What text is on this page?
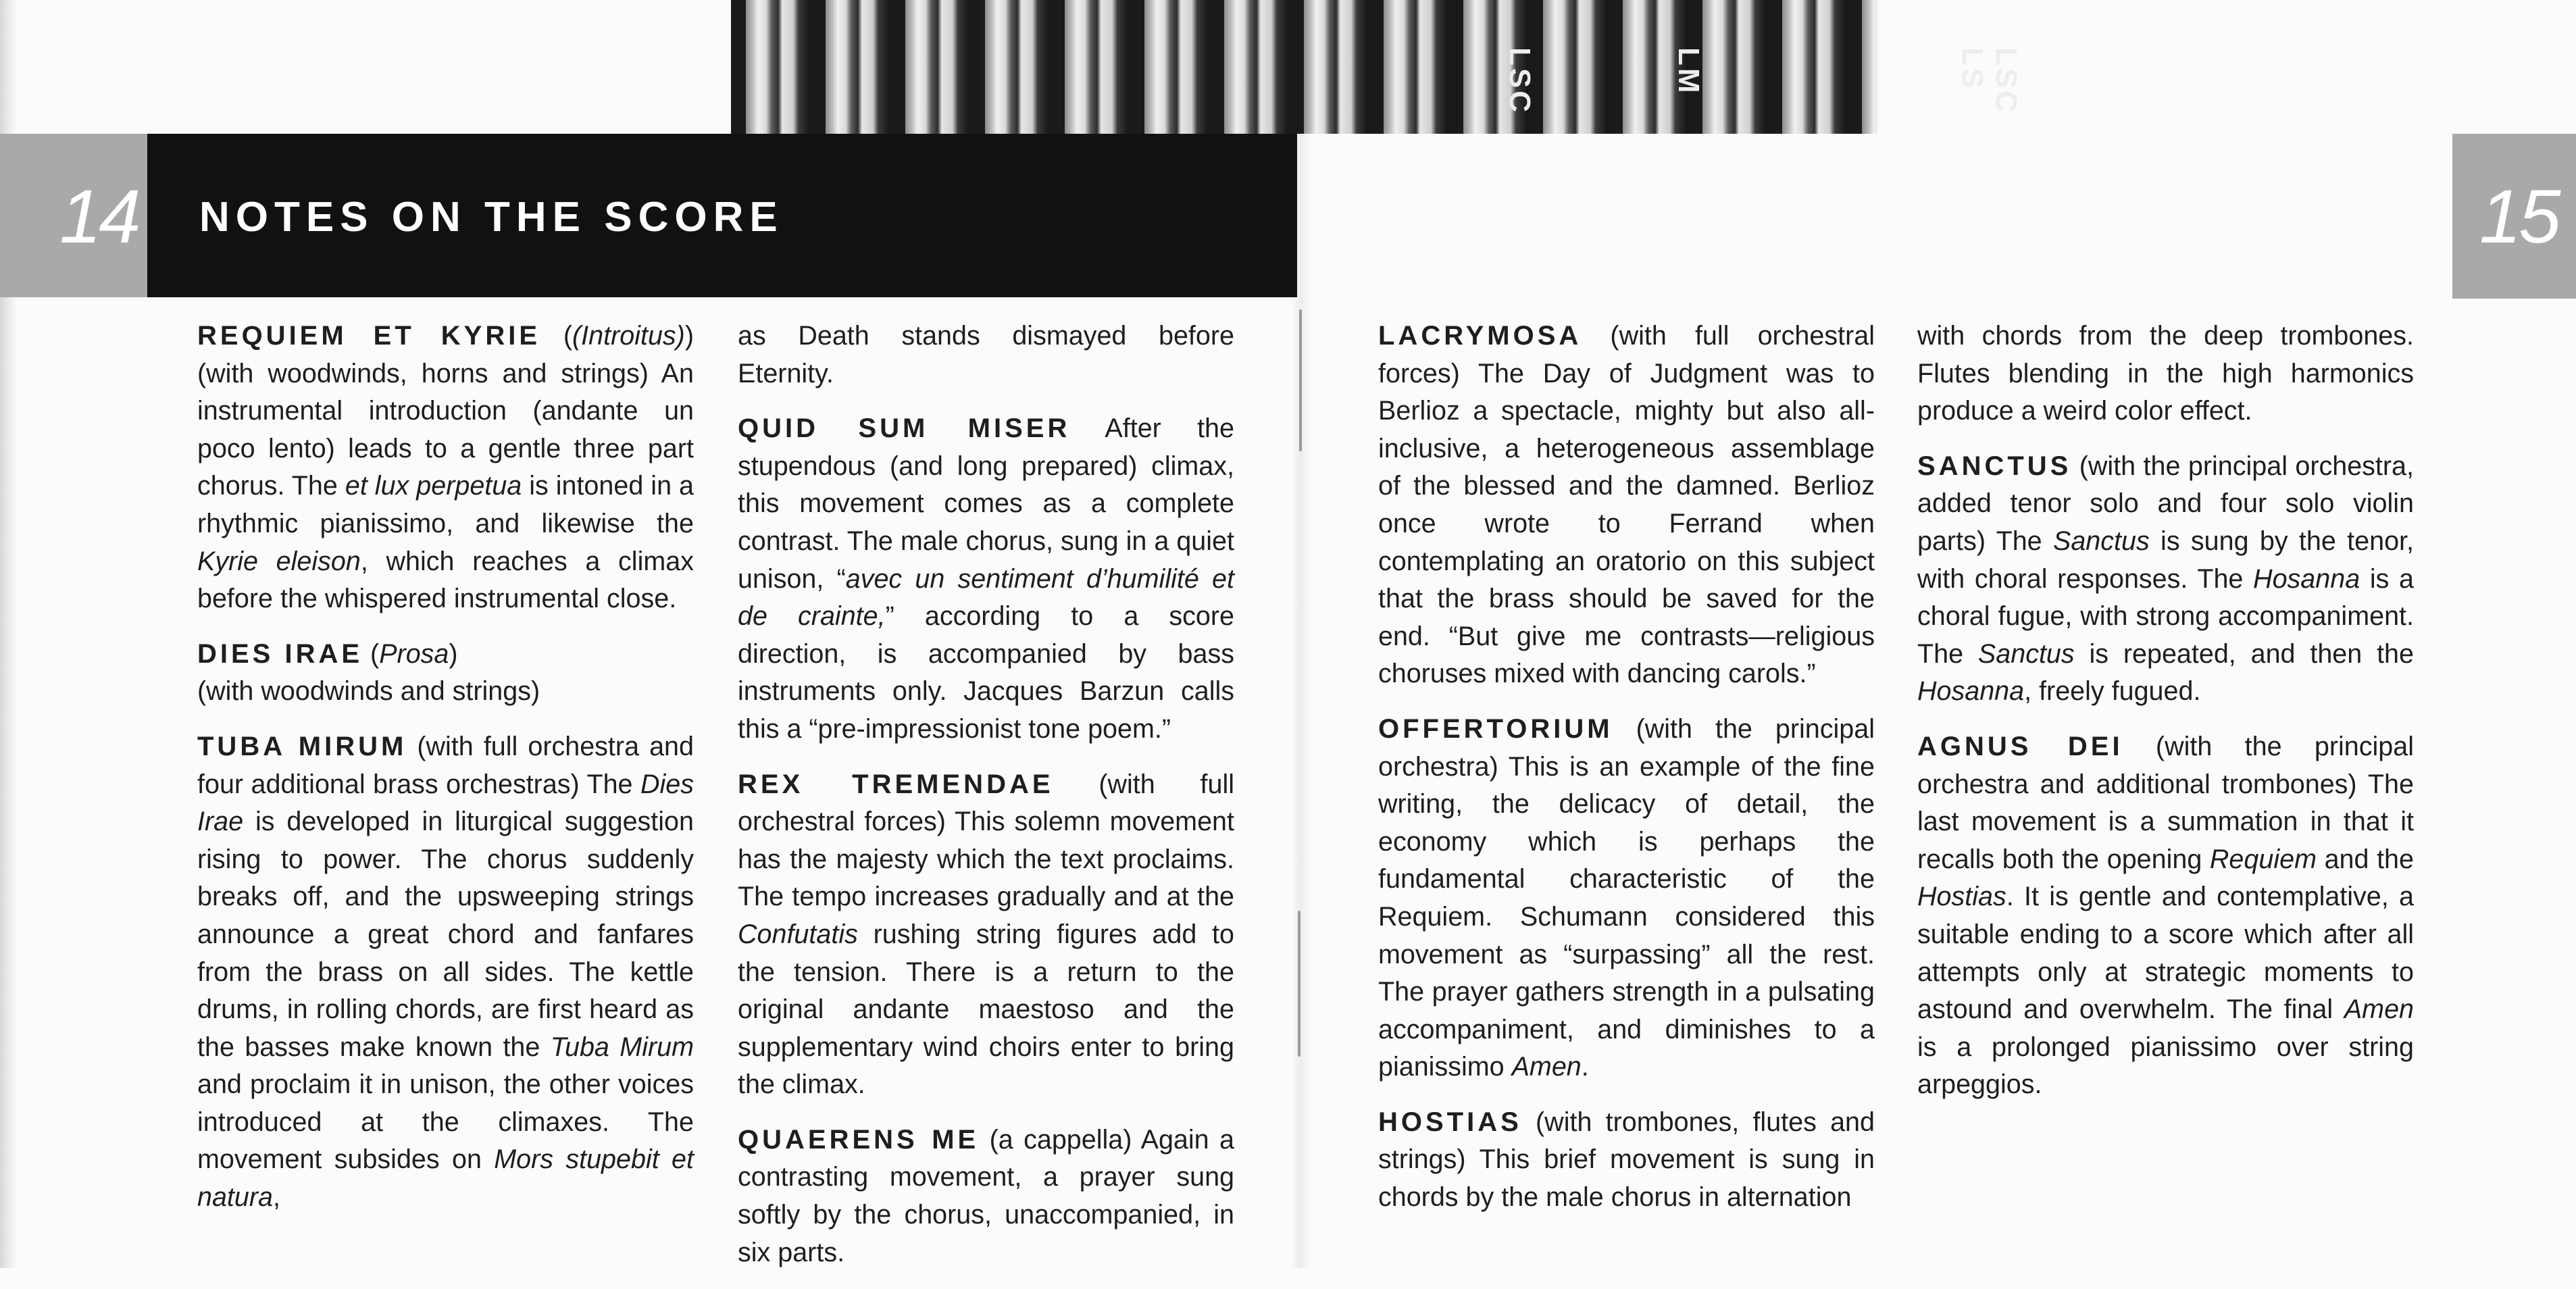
LSC	LM	LS LSC
14 NOTES ON THE SCORE	15

REQUIEM ET KYRIE ((Introitus)) (with woodwinds, horns and strings) An instrumental introduction (andante un poco lento) leads to a gentle three part chorus. The et lux perpetua is intoned in a rhythmic pianissimo, and likewise the Kyrie eleison, which reaches a climax before the whispered instrumental close.

DIES IRAE (Prosa)
(with woodwinds and strings)

TUBA MIRUM (with full orchestra and four additional brass orchestras) The Dies Irae is developed in liturgical suggestion rising to power. The chorus suddenly breaks off, and the upsweeping strings announce a great chord and fanfares from the brass on all sides. The kettle drums, in rolling chords, are first heard as the basses make known the Tuba Mirum and proclaim it in unison, the other voices introduced at the climaxes. The movement subsides on Mors stupebit et natura,

as Death stands dismayed before Eternity.

QUID SUM MISER After the stupendous (and long prepared) climax, this movement comes as a complete contrast. The male chorus, sung in a quiet unison, “avec un sentiment d’humilité et de crainte,” according to a score direction, is accompanied by bass instruments only. Jacques Barzun calls this a “pre-impressionist tone poem.”

REX TREMENDAE (with full orchestral forces) This solemn movement has the majesty which the text proclaims. The tempo increases gradually and at the Confutatis rushing string figures add to the tension. There is a return to the original andante maestoso and the supplementary wind choirs enter to bring the climax.

QUAERENS ME (a cappella) Again a contrasting movement, a prayer sung softly by the chorus, unaccompanied, in six parts.

LACRYMOSA (with full orchestral forces) The Day of Judgment was to Berlioz a spectacle, mighty but also all-inclusive, a heterogeneous assemblage of the blessed and the damned. Berlioz once wrote to Ferrand when contemplating an oratorio on this subject that the brass should be saved for the end. “But give me contrasts—religious choruses mixed with dancing carols.”

OFFERTORIUM (with the principal orchestra) This is an example of the fine writing, the delicacy of detail, the economy which is perhaps the fundamental characteristic of the Requiem. Schumann considered this movement as “surpassing” all the rest. The prayer gathers strength in a pulsating accompaniment, and diminishes to a pianissimo Amen.

HOSTIAS (with trombones, flutes and strings) This brief movement is sung in chords by the male chorus in alternation

with chords from the deep trombones. Flutes blending in the high harmonics produce a weird color effect.

SANCTUS (with the principal orchestra, added tenor solo and four solo violin parts) The Sanctus is sung by the tenor, with choral responses. The Hosanna is a choral fugue, with strong accompaniment. The Sanctus is repeated, and then the Hosanna, freely fugued.

AGNUS DEI (with the principal orchestra and additional trombones) The last movement is a summation in that it recalls both the opening Requiem and the Hostias. It is gentle and contemplative, a suitable ending to a score which after all attempts only at strategic moments to astound and overwhelm. The final Amen is a prolonged pianissimo over string arpeggios.
